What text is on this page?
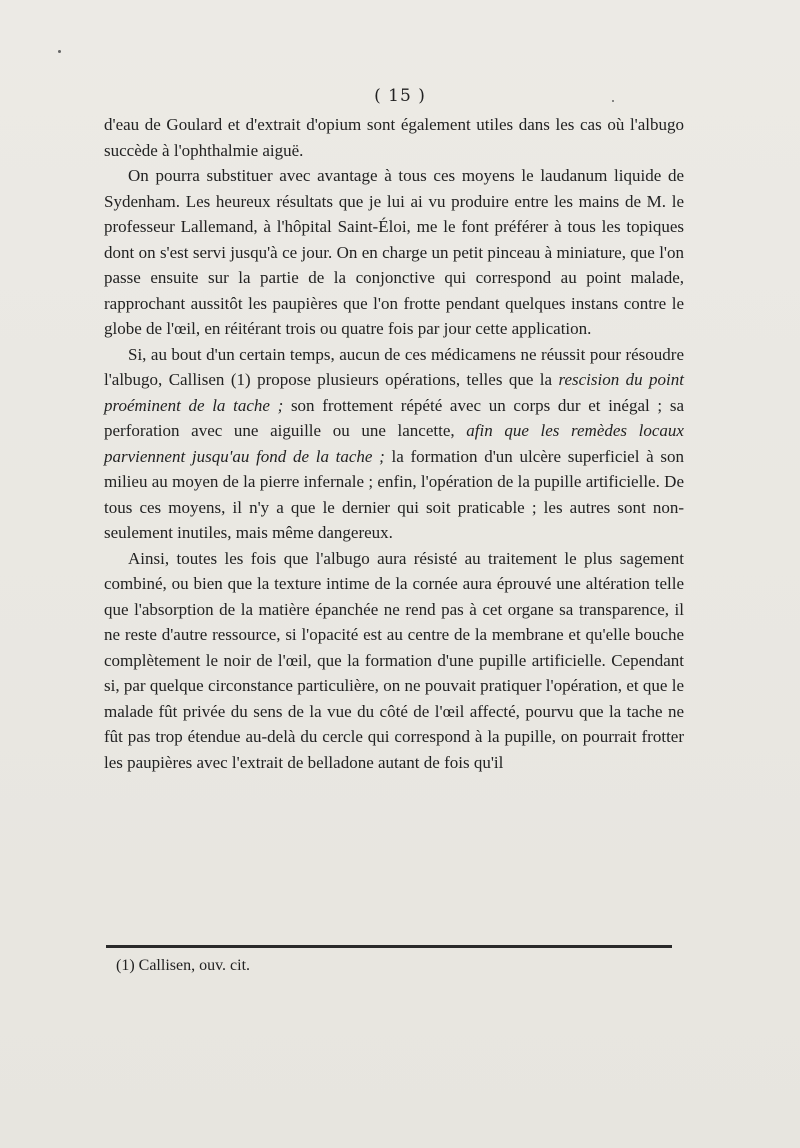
( 15 )

d'eau de Goulard et d'extrait d'opium sont également utiles dans les cas où l'albugo succède à l'ophthalmie aiguë.

On pourra substituer avec avantage à tous ces moyens le laudanum liquide de Sydenham. Les heureux résultats que je lui ai vu produire entre les mains de M. le professeur Lallemand, à l'hôpital Saint-Éloi, me le font préférer à tous les topiques dont on s'est servi jusqu'à ce jour. On en charge un petit pinceau à miniature, que l'on passe ensuite sur la partie de la conjonctive qui correspond au point malade, rapprochant aussitôt les paupières que l'on frotte pendant quelques instans contre le globe de l'œil, en réitérant trois ou quatre fois par jour cette application.

Si, au bout d'un certain temps, aucun de ces médicamens ne réussit pour résoudre l'albugo, Callisen (1) propose plusieurs opérations, telles que la rescision du point proéminent de la tache ; son frottement répété avec un corps dur et inégal ; sa perforation avec une aiguille ou une lancette, afin que les remèdes locaux parviennent jusqu'au fond de la tache ; la formation d'un ulcère superficiel à son milieu au moyen de la pierre infernale ; enfin, l'opération de la pupille artificielle. De tous ces moyens, il n'y a que le dernier qui soit praticable ; les autres sont non-seulement inutiles, mais même dangereux.

Ainsi, toutes les fois que l'albugo aura résisté au traitement le plus sagement combiné, ou bien que la texture intime de la cornée aura éprouvé une altération telle que l'absorption de la matière épanchée ne rend pas à cet organe sa transparence, il ne reste d'autre ressource, si l'opacité est au centre de la membrane et qu'elle bouche complètement le noir de l'œil, que la formation d'une pupille artificielle. Cependant si, par quelque circonstance particulière, on ne pouvait pratiquer l'opération, et que le malade fût privée du sens de la vue du côté de l'œil affecté, pourvu que la tache ne fût pas trop étendue au-delà du cercle qui correspond à la pupille, on pourrait frotter les paupières avec l'extrait de belladone autant de fois qu'il

(1) Callisen, ouv. cit.
